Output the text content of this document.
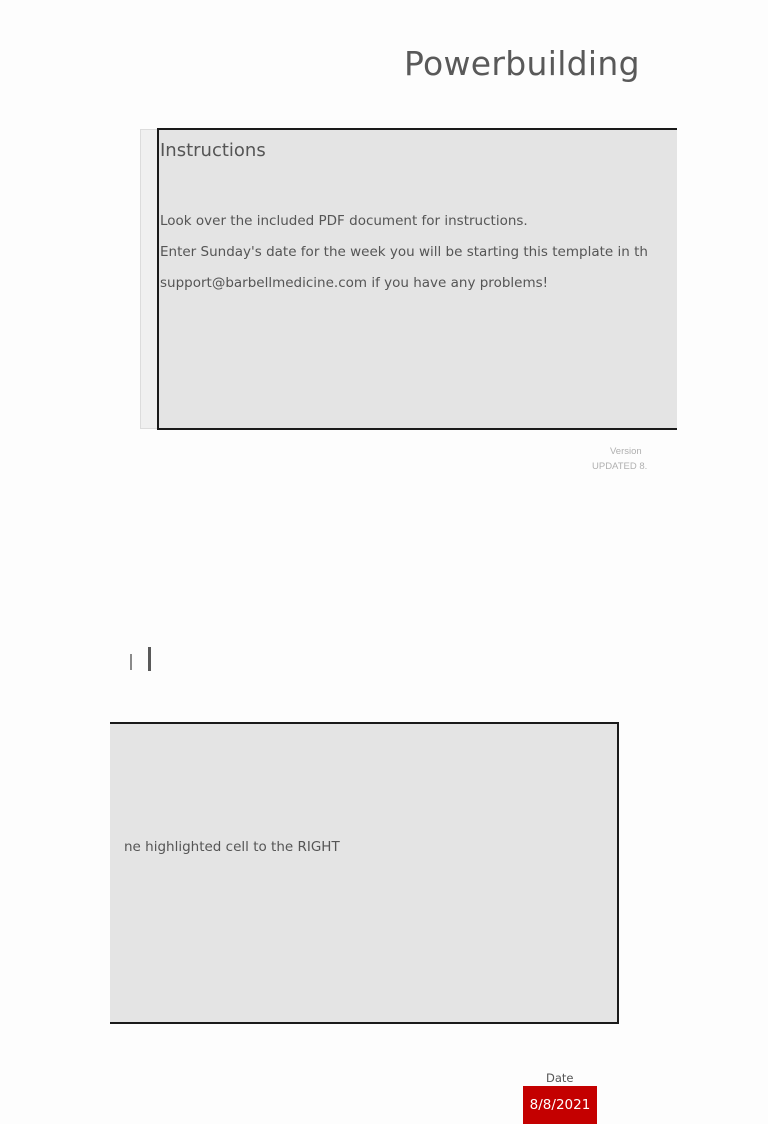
Powerbuilding
Instructions
Look over the included PDF document for instructions.
Enter Sunday's date for the week you will be starting this template in th
support@barbellmedicine.com if you have any problems!
Version
UPDATED 8.
ne highlighted cell to the RIGHT
Date
8/8/2021
